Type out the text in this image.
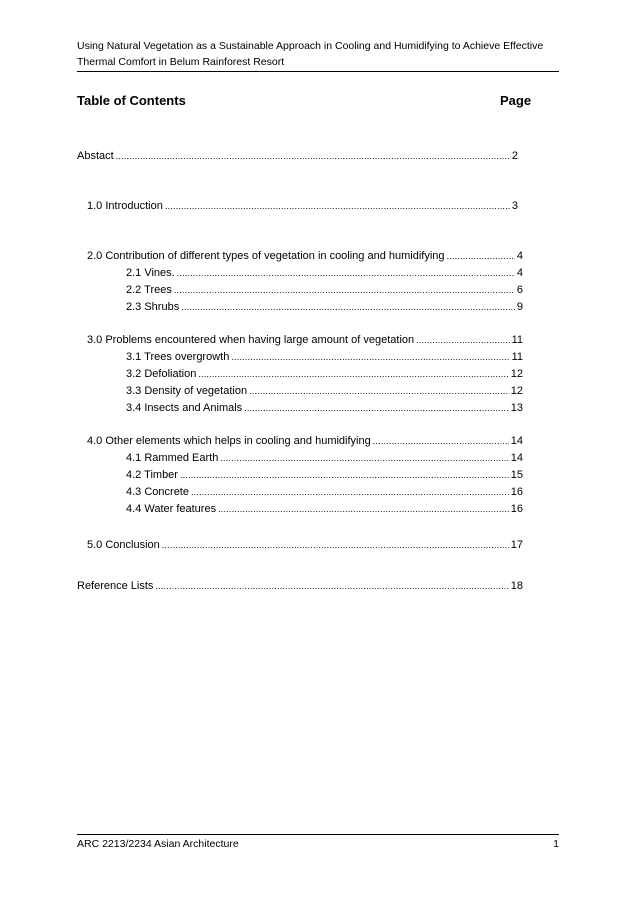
Using Natural Vegetation as a Sustainable Approach in Cooling and Humidifying to Achieve Effective
Thermal Comfort in Belum Rainforest Resort
Table of Contents	Page
Abstact .....	2
1.0 Introduction .....	3
2.0 Contribution of different types of vegetation in cooling and humidifying .....	4
2.1 Vines. .....	4
2.2 Trees .....	6
2.3 Shrubs .....	9
3.0 Problems encountered when having large amount of vegetation .....	11
3.1 Trees overgrowth .....	11
3.2 Defoliation .....	12
3.3 Density of vegetation .....	12
3.4 Insects and Animals .....	13
4.0 Other elements which helps in cooling and humidifying .....	14
4.1 Rammed Earth .....	14
4.2 Timber .....	15
4.3 Concrete .....	16
4.4 Water features .....	16
5.0 Conclusion .....	17
Reference Lists .....	18
ARC 2213/2234 Asian Architecture	1
